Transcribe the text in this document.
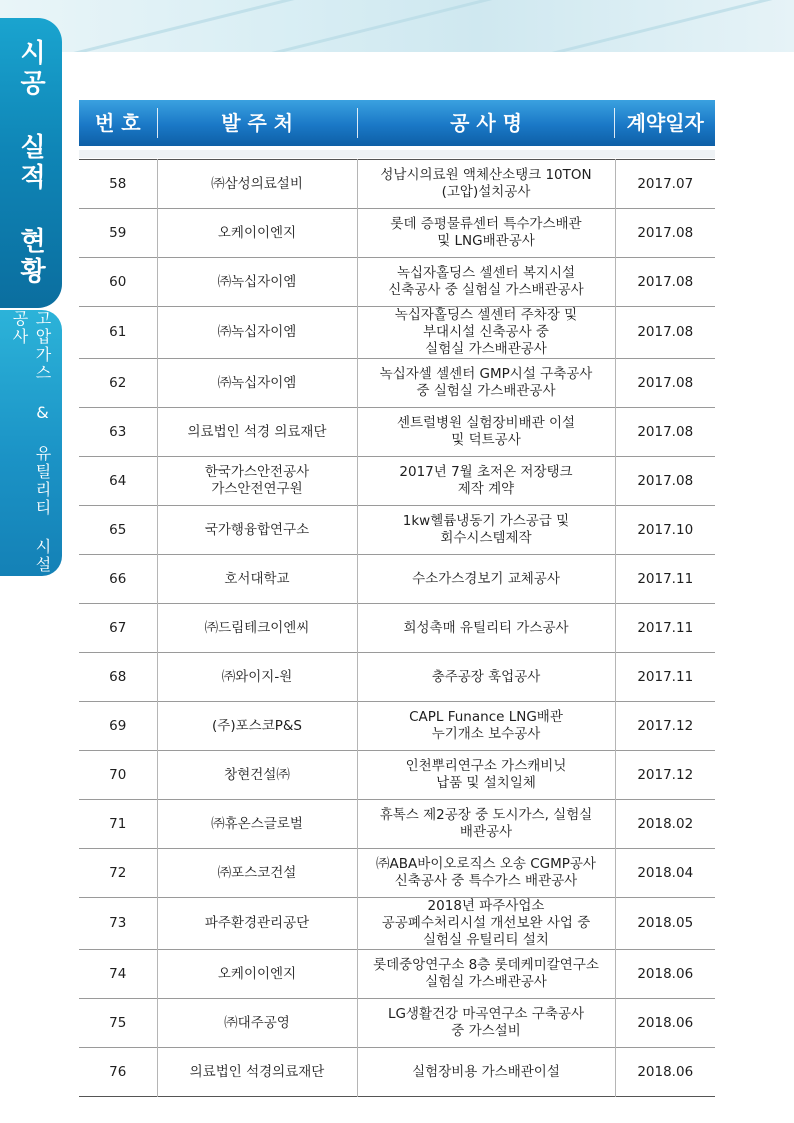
시공 실적 현황
고압가스 & 유틸리티 시설 공사
번 호	발 주 처	공 사 명	계약일자
58	㈜삼성의료설비	성남시의료원 액체산소탱크 10TON
(고압)설치공사	2017.07
59	오케이이엔지	롯데 증평물류센터 특수가스배관
및 LNG배관공사	2017.08
60	㈜녹십자이엠	녹십자홀딩스 셀센터 복지시설
신축공사 중 실험실 가스배관공사	2017.08
61	㈜녹십자이엠	녹십자홀딩스 셀센터 주차장 및
부대시설 신축공사 중
실험실 가스배관공사	2017.08
62	㈜녹십자이엠	녹십자셀 셀센터 GMP시설 구축공사
중 실험실 가스배관공사	2017.08
63	의료법인 석경 의료재단	센트럴병원 실험장비배관 이설
및 덕트공사	2017.08
64	한국가스안전공사
가스안전연구원	2017년 7월 초저온 저장탱크
제작 계약	2017.08
65	국가행융합연구소	1kw헬륨냉동기 가스공급 및
회수시스템제작	2017.10
66	호서대학교	수소가스경보기 교체공사	2017.11
67	㈜드림테크이엔씨	희성촉매 유틸리티 가스공사	2017.11
68	㈜와이지-원	충주공장 훅업공사	2017.11
69	(주)포스코P&S	CAPL Funance LNG배관
누기개소 보수공사	2017.12
70	창현건설㈜	인천뿌리연구소 가스캐비닛
납품 및 설치일체	2017.12
71	㈜휴온스글로벌	휴톡스 제2공장 중 도시가스, 실험실
배관공사	2018.02
72	㈜포스코건설	㈜ABA바이오로직스 오송 CGMP공사
신축공사 중 특수가스 배관공사	2018.04
73	파주환경관리공단	2018년 파주사업소
공공폐수처리시설 개선보완 사업 중
실험실 유틸리티 설치	2018.05
74	오케이이엔지	롯데중앙연구소 8층 롯데케미칼연구소
실험실 가스배관공사	2018.06
75	㈜대주공영	LG생활건강 마곡연구소 구축공사
중 가스설비	2018.06
76	의료법인 석경의료재단	실험장비용 가스배관이설	2018.06
